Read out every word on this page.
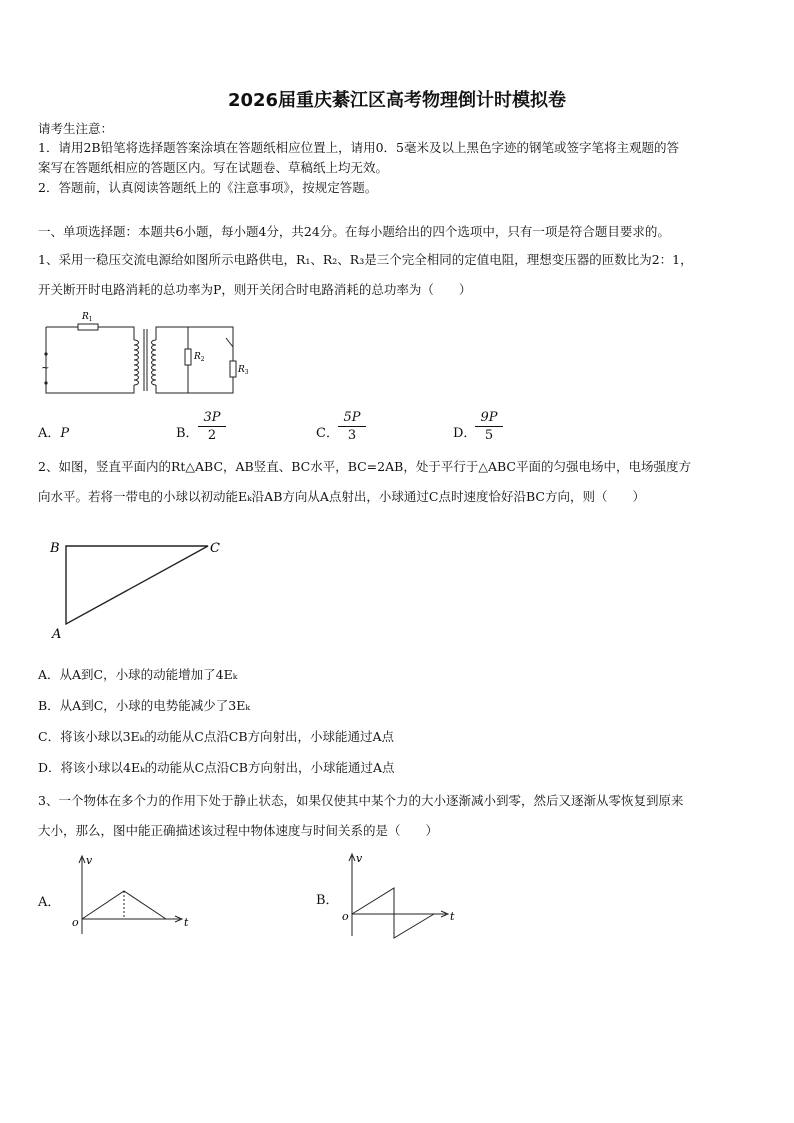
2026届重庆綦江区高考物理倒计时模拟卷
请考生注意：
1．请用2B铅笔将选择题答案涂填在答题纸相应位置上，请用0．5毫米及以上黑色字迹的钢笔或签字笔将主观题的答
案写在答题纸相应的答题区内。写在试题卷、草稿纸上均无效。
2．答题前，认真阅读答题纸上的《注意事项》，按规定答题。
一、单项选择题：本题共6小题，每小题4分，共24分。在每小题给出的四个选项中，只有一项是符合题目要求的。
1、采用一稳压交流电源给如图所示电路供电，R₁、R₂、R₃是三个完全相同的定值电阻，理想变压器的匝数比为2：1，
开关断开时电路消耗的总功率为P，则开关闭合时电路消耗的总功率为（　　）
~
$R_1$
$R_2$
$R_3$
A．P	B． $\frac{3P}{2}$	C． $\frac{5P}{3}$	D．
$\frac{9P}{5}$
2、如图，竖直平面内的Rt△ABC，AB竖直、BC水平，BC=2AB，处于平行于△ABC平面的匀强电场中，电场强度方
向水平。若将一带电的小球以初动能Eₖ沿AB方向从A点射出，小球通过C点时速度恰好沿BC方向，则（　　）
B	C
A
A．从A到C，小球的动能增加了4Eₖ
B．从A到C，小球的电势能减少了3Eₖ
C．将该小球以3Eₖ的动能从C点沿CB方向射出，小球能通过A点
D．将该小球以4Eₖ的动能从C点沿CB方向射出，小球能通过A点
3、一个物体在多个力的作用下处于静止状态，如果仅使其中某个力的大小逐渐减小到零，然后又逐渐从零恢复到原来
大小，那么，图中能正确描述该过程中物体速度与时间关系的是（　　）
A．
v
t
o
B．
v
t
o
